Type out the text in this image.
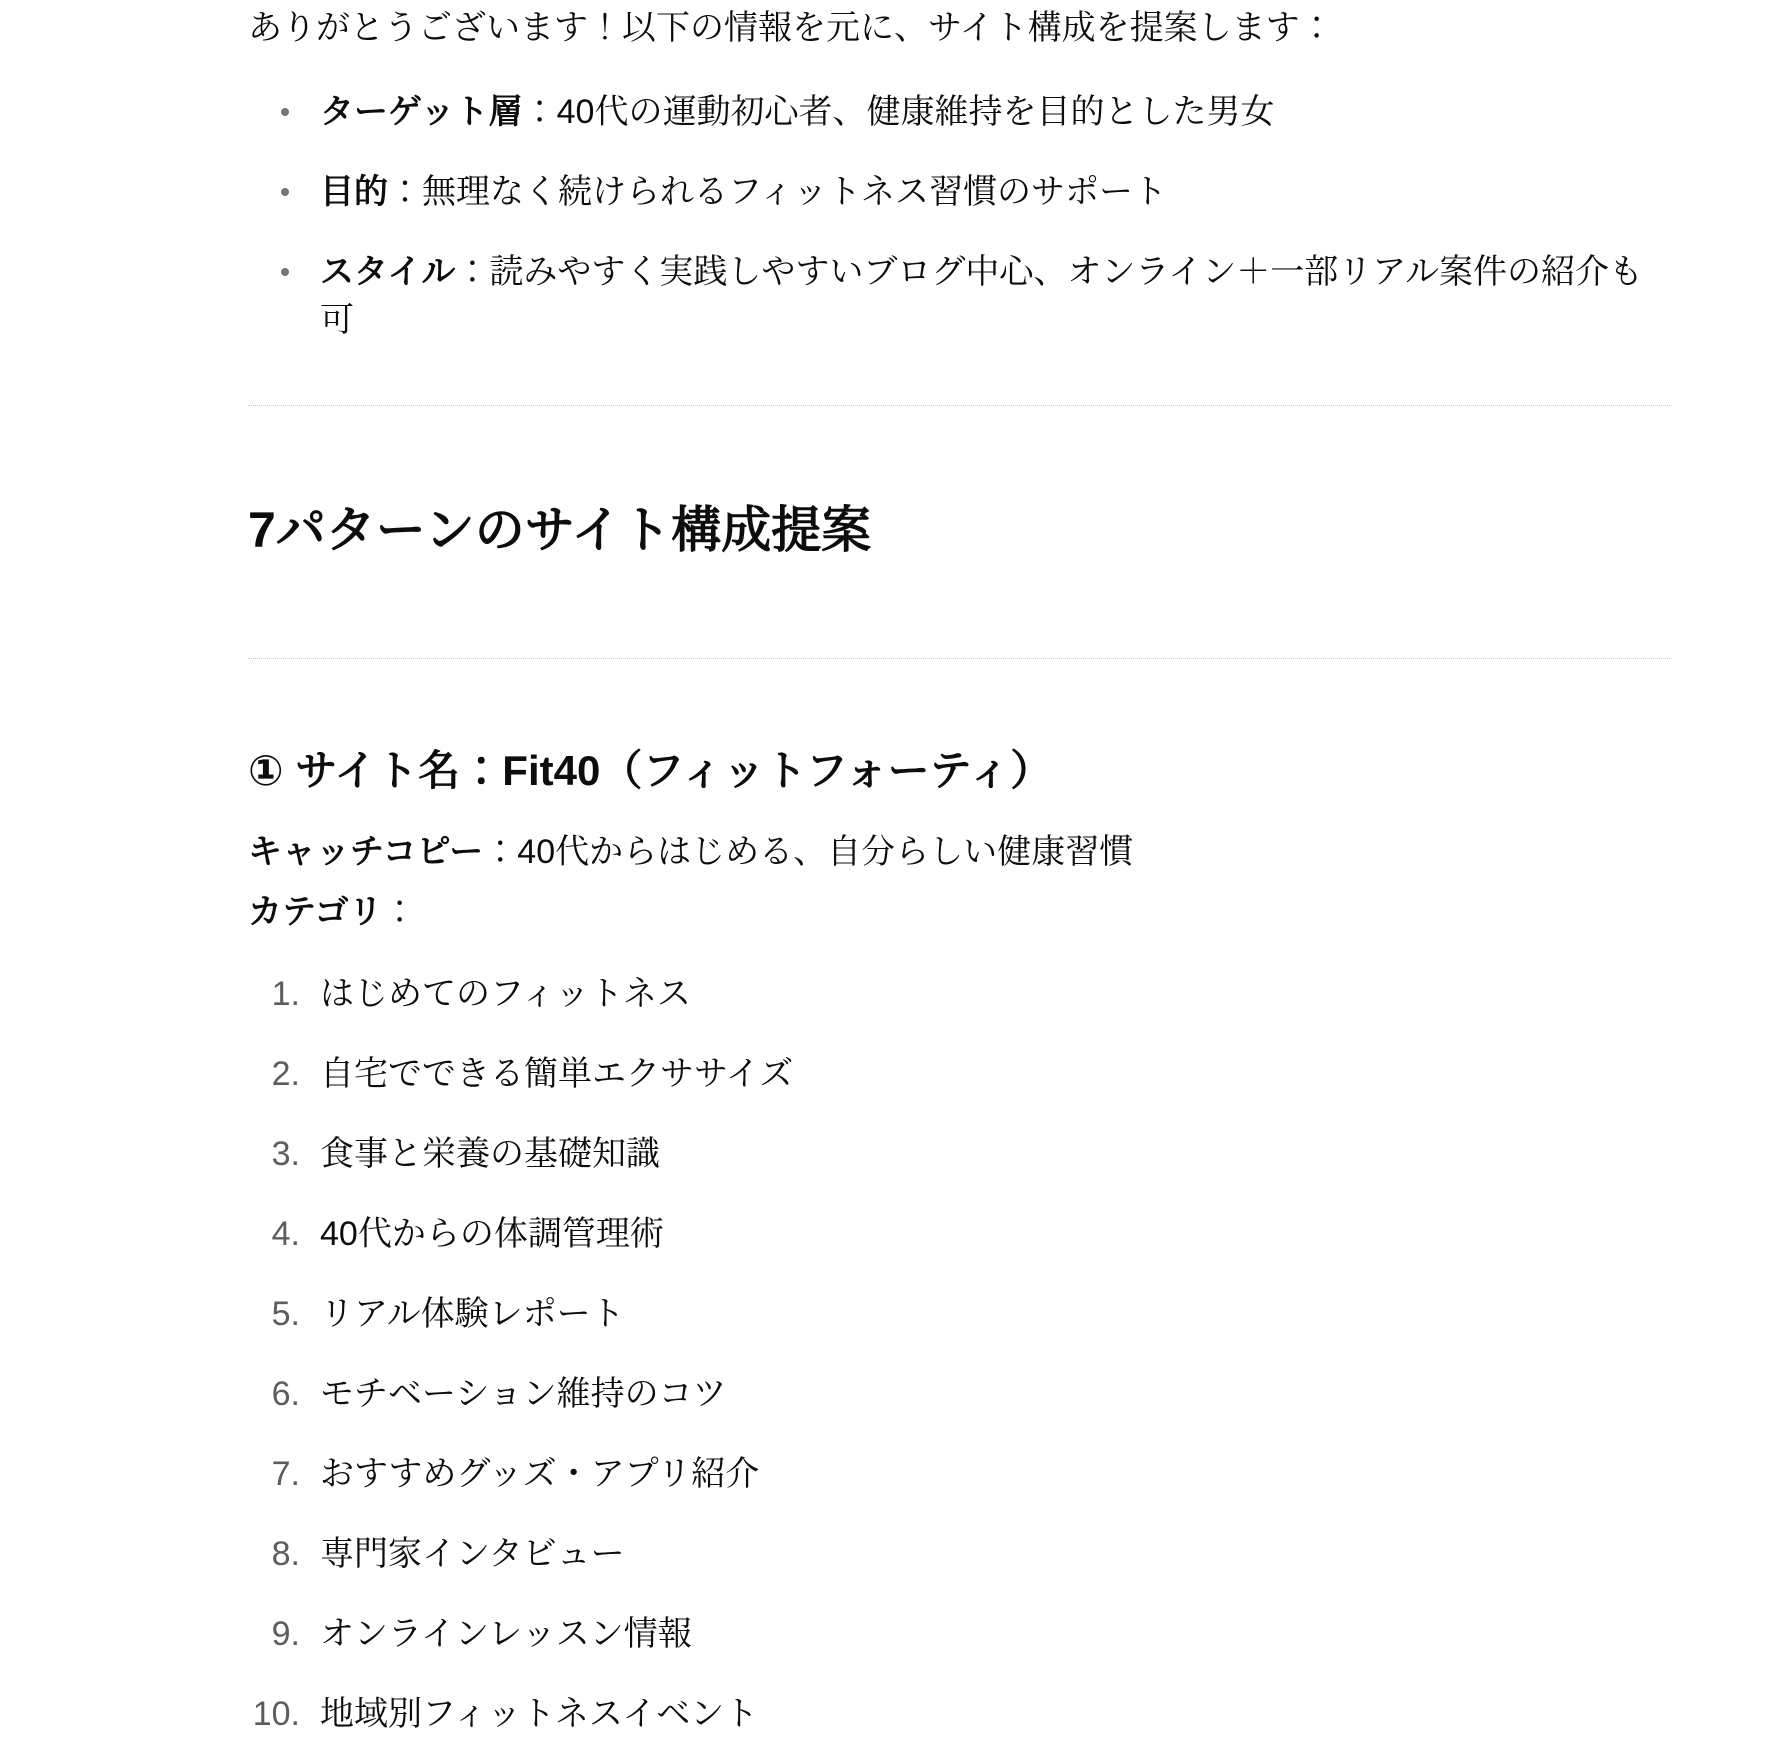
ありがとうございます！以下の情報を元に、サイト構成を提案します：

ターゲット層：40代の運動初心者、健康維持を目的とした男女
目的：無理なく続けられるフィットネス習慣のサポート
スタイル：読みやすく実践しやすいブログ中心、オンライン＋一部リアル案件の紹介も可
7パターンのサイト構成提案
① サイト名：Fit40（フィットフォーティ）

キャッチコピー：40代からはじめる、自分らしい健康習慣

カテゴリ：

はじめてのフィットネス
自宅でできる簡単エクササイズ
食事と栄養の基礎知識
40代からの体調管理術
リアル体験レポート
モチベーション維持のコツ
おすすめグッズ・アプリ紹介
専門家インタビュー
オンラインレッスン情報
地域別フィットネスイベント
